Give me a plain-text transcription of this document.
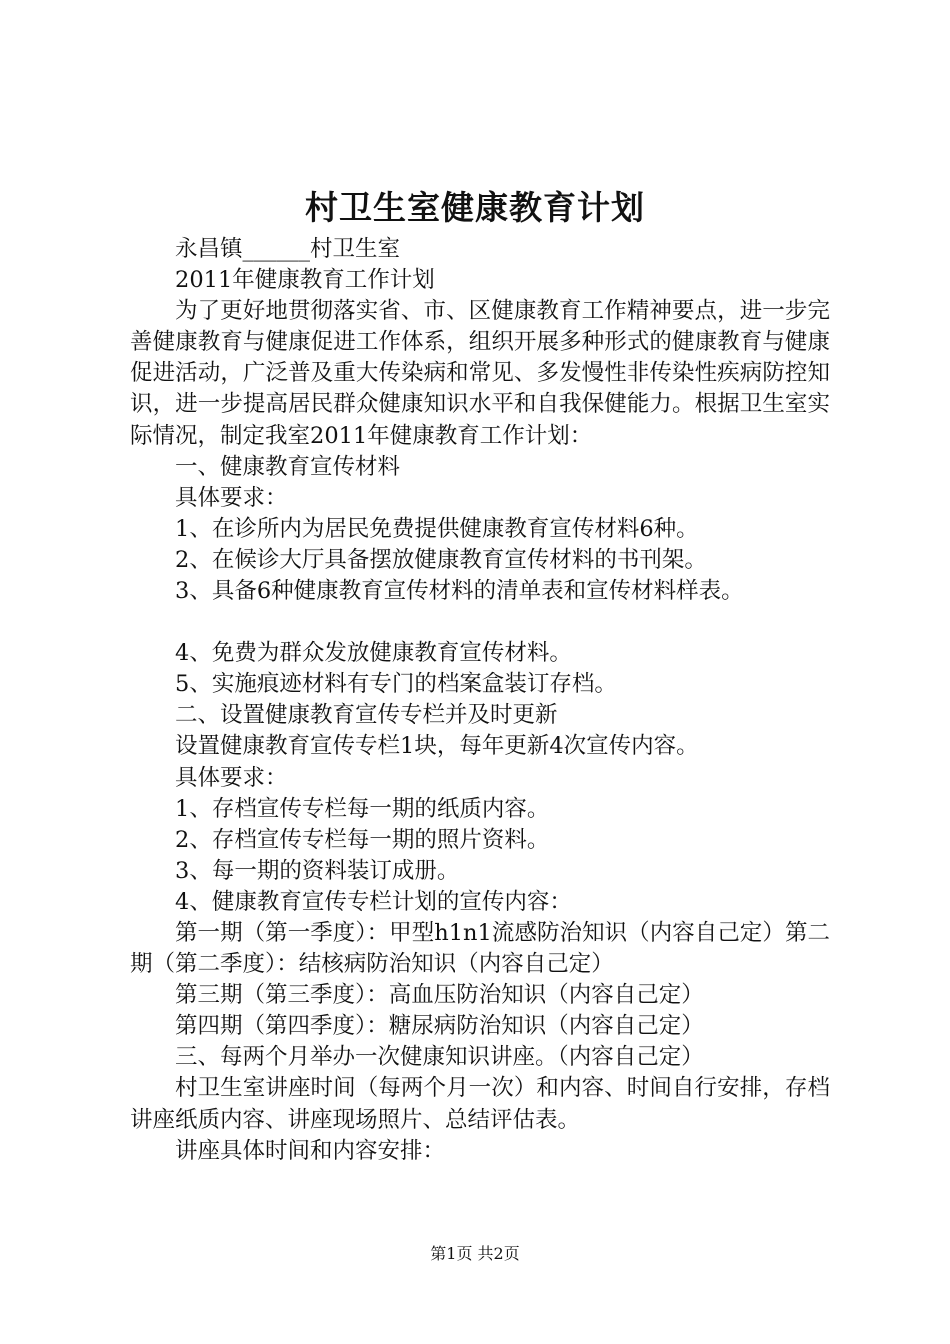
村卫生室健康教育计划

永昌镇______村卫生室

2011年健康教育工作计划

为了更好地贯彻落实省、市、区健康教育工作精神要点，进一步完善健康教育与健康促进工作体系，组织开展多种形式的健康教育与健康促进活动，广泛普及重大传染病和常见、多发慢性非传染性疾病防控知识，进一步提高居民群众健康知识水平和自我保健能力。根据卫生室实际情况，制定我室2011年健康教育工作计划：

一、健康教育宣传材料

具体要求：

1、在诊所内为居民免费提供健康教育宣传材料6种。

2、在候诊大厅具备摆放健康教育宣传材料的书刊架。

3、具备6种健康教育宣传材料的清单表和宣传材料样表。

4、免费为群众发放健康教育宣传材料。

5、实施痕迹材料有专门的档案盒装订存档。

二、设置健康教育宣传专栏并及时更新

设置健康教育宣传专栏1块，每年更新4次宣传内容。

具体要求：

1、存档宣传专栏每一期的纸质内容。

2、存档宣传专栏每一期的照片资料。

3、每一期的资料装订成册。

4、健康教育宣传专栏计划的宣传内容：

第一期（第一季度）：甲型h1n1流感防治知识（内容自己定）第二期（第二季度）：结核病防治知识（内容自己定）

第三期（第三季度）：高血压防治知识（内容自己定）

第四期（第四季度）：糖尿病防治知识（内容自己定）

三、每两个月举办一次健康知识讲座。（内容自己定）

村卫生室讲座时间（每两个月一次）和内容、时间自行安排，存档讲座纸质内容、讲座现场照片、总结评估表。

讲座具体时间和内容安排：

第1页 共2页
